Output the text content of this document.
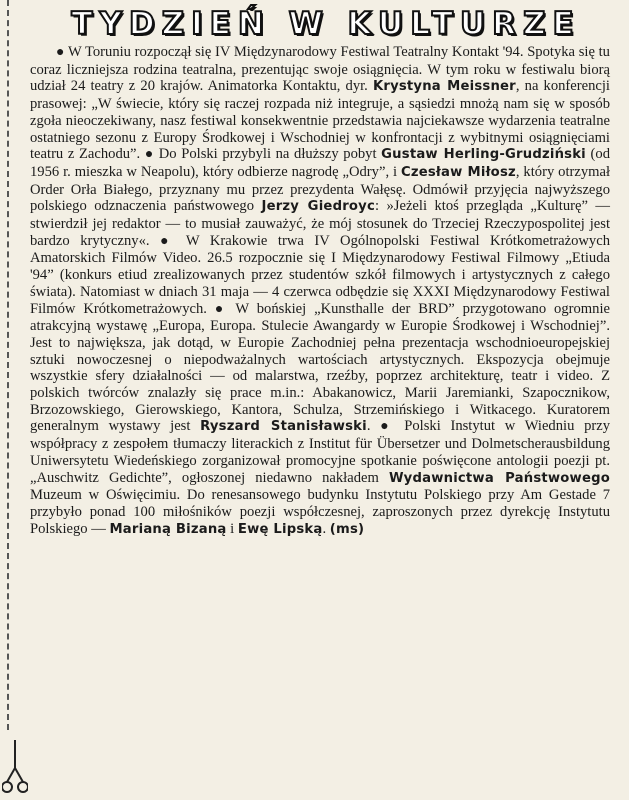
TYDZIEŃ W KULTURZE

● W Toruniu rozpoczął się IV Międzynarodowy Festiwal Teatralny Kontakt '94. Spotyka się tu coraz liczniejsza rodzina teatralna, prezentując swoje osiągnięcia. W tym roku w festiwalu biorą udział 24 teatry z 20 krajów. Animatorka Kontaktu, dyr. Krystyna Meissner, na konferencji prasowej: „W świecie, który się raczej rozpada niż integruje, a sąsiedzi mnożą nam się w sposób zgoła nieoczekiwany, nasz festiwal konsekwentnie przedstawia najciekawsze wydarzenia teatralne ostatniego sezonu z Europy Środkowej i Wschodniej w konfrontacji z wybitnymi osiągnięciami teatru z Zachodu”. ● Do Polski przybyli na dłuższy pobyt Gustaw Herling-Grudziński (od 1956 r. mieszka w Neapolu), który odbierze nagrodę „Odry”, i Czesław Miłosz, który otrzymał Order Orła Białego, przyznany mu przez prezydenta Wałęsę. Odmówił przyjęcia najwyższego polskiego odznaczenia państwowego Jerzy Giedroyc: »Jeżeli ktoś przegląda „Kulturę” — stwierdził jej redaktor — to musiał zauważyć, że mój stosunek do Trzeciej Rzeczypospolitej jest bardzo krytyczny«. ● W Krakowie trwa IV Ogólnopolski Festiwal Krótkometrażowych Amatorskich Filmów Video. 26.5 rozpocznie się I Międzynarodowy Festiwal Filmowy „Etiuda '94” (konkurs etiud zrealizowanych przez studentów szkół filmowych i artystycznych z całego świata). Natomiast w dniach 31 maja — 4 czerwca odbędzie się XXXI Międzynarodowy Festiwal Filmów Krótkometrażowych. ● W bońskiej „Kunsthalle der BRD” przygotowano ogromnie atrakcyjną wystawę „Europa, Europa. Stulecie Awangardy w Europie Środkowej i Wschodniej”. Jest to największa, jak dotąd, w Europie Zachodniej pełna prezentacja wschodnioeuropejskiej sztuki nowoczesnej o niepodważalnych wartościach artystycznych. Ekspozycja obejmuje wszystkie sfery działalności — od malarstwa, rzeźby, poprzez architekturę, teatr i video. Z polskich twórców znalazły się prace m.in.: Abakanowicz, Marii Jaremianki, Szapocznikow, Brzozowskiego, Gierowskiego, Kantora, Schulza, Strzemińskiego i Witkacego. Kuratorem generalnym wystawy jest Ryszard Stanisławski. ● Polski Instytut w Wiedniu przy współpracy z zespołem tłumaczy literackich z Institut für Übersetzer und Dolmetscherausbildung Uniwersytetu Wiedeńskiego zorganizował promocyjne spotkanie poświęcone antologii poezji pt. „Auschwitz Gedichte”, ogłoszonej niedawno nakładem Wydawnictwa Państwowego Muzeum w Oświęcimiu. Do renesansowego budynku Instytutu Polskiego przy Am Gestade 7 przybyło ponad 100 miłośników poezji współczesnej, zaproszonych przez dyrekcję Instytutu Polskiego — Marianą Bizaną i Ewę Lipską. (ms)
